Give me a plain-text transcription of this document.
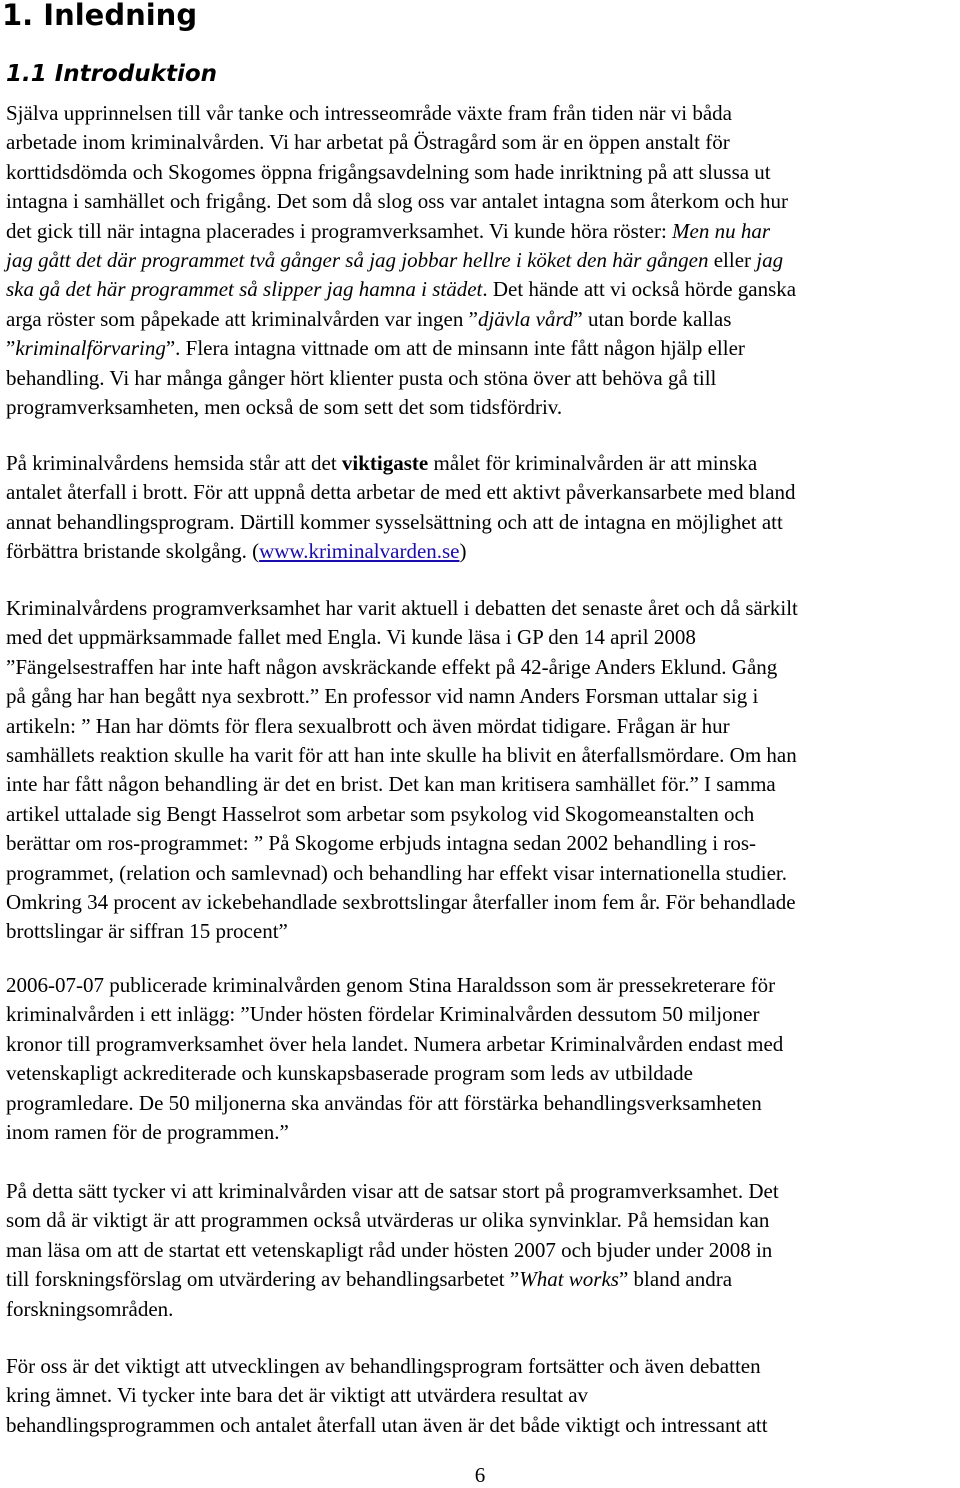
1. Inledning
1.1 Introduktion
Själva upprinnelsen till vår tanke och intresseområde växte fram från tiden när vi båda
arbetade inom kriminalvården. Vi har arbetat på Östragård som är en öppen anstalt för
korttidsdömda och Skogomes öppna frigångsavdelning som hade inriktning på att slussa ut
intagna i samhället och frigång. Det som då slog oss var antalet intagna som återkom och hur
det gick till när intagna placerades i programverksamhet. Vi kunde höra röster: Men nu har
jag gått det där programmet två gånger så jag jobbar hellre i köket den här gången eller jag
ska gå det här programmet så slipper jag hamna i städet. Det hände att vi också hörde ganska
arga röster som påpekade att kriminalvården var ingen ”djävla vård” utan borde kallas
”kriminalförvaring”. Flera intagna vittnade om att de minsann inte fått någon hjälp eller
behandling. Vi har många gånger hört klienter pusta och stöna över att behöva gå till
programverksamheten, men också de som sett det som tidsfördriv.
På kriminalvårdens hemsida står att det viktigaste målet för kriminalvården är att minska
antalet återfall i brott. För att uppnå detta arbetar de med ett aktivt påverkansarbete med bland
annat behandlingsprogram. Därtill kommer sysselsättning och att de intagna en möjlighet att
förbättra bristande skolgång. (www.kriminalvarden.se)
Kriminalvårdens programverksamhet har varit aktuell i debatten det senaste året och då särkilt
med det uppmärksammade fallet med Engla. Vi kunde läsa i GP den 14 april 2008
”Fängelsestraffen har inte haft någon avskräckande effekt på 42-årige Anders Eklund. Gång
på gång har han begått nya sexbrott.” En professor vid namn Anders Forsman uttalar sig i
artikeln: ” Han har dömts för flera sexualbrott och även mördat tidigare. Frågan är hur
samhällets reaktion skulle ha varit för att han inte skulle ha blivit en återfallsmördare. Om han
inte har fått någon behandling är det en brist. Det kan man kritisera samhället för.” I samma
artikel uttalade sig Bengt Hasselrot som arbetar som psykolog vid Skogomeanstalten och
berättar om ros-programmet: ” På Skogome erbjuds intagna sedan 2002 behandling i ros-
programmet, (relation och samlevnad) och behandling har effekt visar internationella studier.
Omkring 34 procent av ickebehandlade sexbrottslingar återfaller inom fem år. För behandlade
brottslingar är siffran 15 procent”
2006-07-07 publicerade kriminalvården genom Stina Haraldsson som är pressekreterare för
kriminalvården i ett inlägg: ”Under hösten fördelar Kriminalvården dessutom 50 miljoner
kronor till programverksamhet över hela landet. Numera arbetar Kriminalvården endast med
vetenskapligt ackrediterade och kunskapsbaserade program som leds av utbildade
programledare. De 50 miljonerna ska användas för att förstärka behandlingsverksamheten
inom ramen för de programmen.”
På detta sätt tycker vi att kriminalvården visar att de satsar stort på programverksamhet. Det
som då är viktigt är att programmen också utvärderas ur olika synvinklar. På hemsidan kan
man läsa om att de startat ett vetenskapligt råd under hösten 2007 och bjuder under 2008 in
till forskningsförslag om utvärdering av behandlingsarbetet ”What works” bland andra
forskningsområden.
För oss är det viktigt att utvecklingen av behandlingsprogram fortsätter och även debatten
kring ämnet. Vi tycker inte bara det är viktigt att utvärdera resultat av
behandlingsprogrammen och antalet återfall utan även är det både viktigt och intressant att
6
